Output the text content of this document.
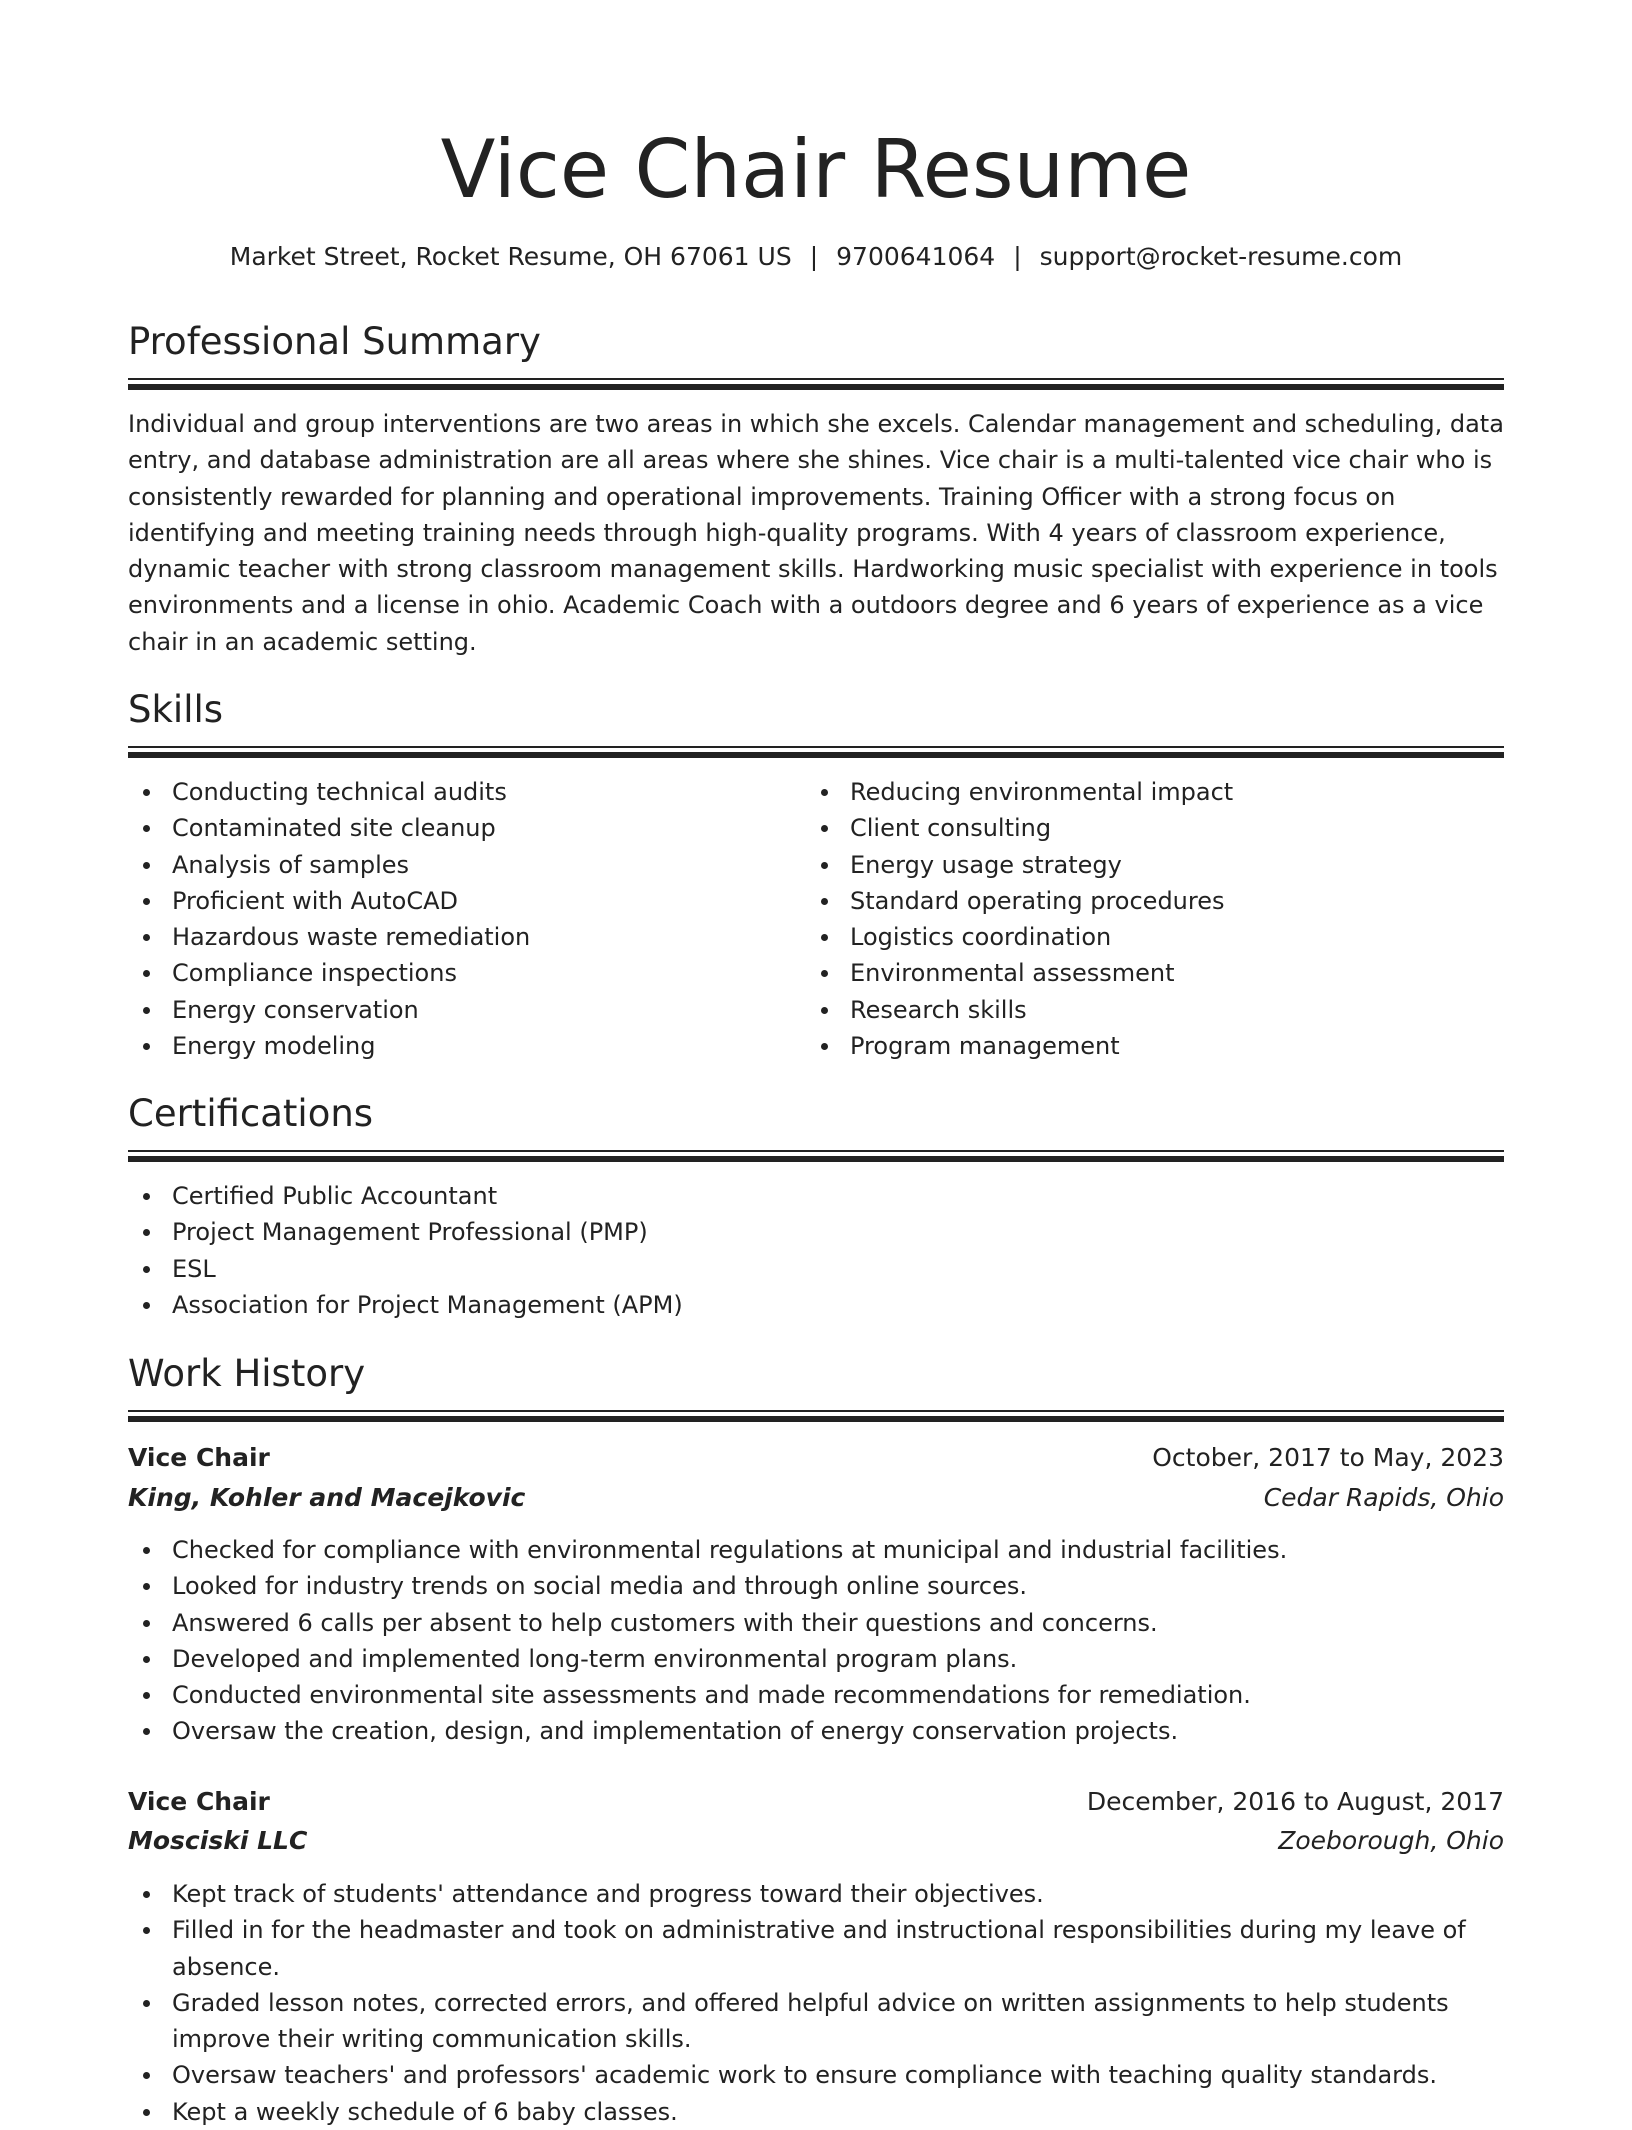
Vice Chair Resume
Market Street, Rocket Resume, OH 67061 US | 9700641064 | support@rocket-resume.com
Professional Summary

Individual and group interventions are two areas in which she excels. Calendar management and scheduling, data entry, and database administration are all areas where she shines. Vice chair is a multi-talented vice chair who is consistently rewarded for planning and operational improvements. Training Officer with a strong focus on identifying and meeting training needs through high-quality programs. With 4 years of classroom experience, dynamic teacher with strong classroom management skills. Hardworking music specialist with experience in tools environments and a license in ohio. Academic Coach with a outdoors degree and 6 years of experience as a vice chair in an academic setting.

Skills
Conducting technical audits
Contaminated site cleanup
Analysis of samples
Proficient with AutoCAD
Hazardous waste remediation
Compliance inspections
Energy conservation
Energy modeling
Reducing environmental impact
Client consulting
Energy usage strategy
Standard operating procedures
Logistics coordination
Environmental assessment
Research skills
Program management
Certifications
Certified Public Accountant
Project Management Professional (PMP)
ESL
Association for Project Management (APM)
Work History
Vice Chair	October, 2017 to May, 2023
King, Kohler and Macejkovic	Cedar Rapids, Ohio
Checked for compliance with environmental regulations at municipal and industrial facilities.
Looked for industry trends on social media and through online sources.
Answered 6 calls per absent to help customers with their questions and concerns.
Developed and implemented long-term environmental program plans.
Conducted environmental site assessments and made recommendations for remediation.
Oversaw the creation, design, and implementation of energy conservation projects.
Vice Chair	December, 2016 to August, 2017
Mosciski LLC	Zoeborough, Ohio
Kept track of students' attendance and progress toward their objectives.
Filled in for the headmaster and took on administrative and instructional responsibilities during my leave of absence.
Graded lesson notes, corrected errors, and offered helpful advice on written assignments to help students improve their writing communication skills.
Oversaw teachers' and professors' academic work to ensure compliance with teaching quality standards.
Kept a weekly schedule of 6 baby classes.
